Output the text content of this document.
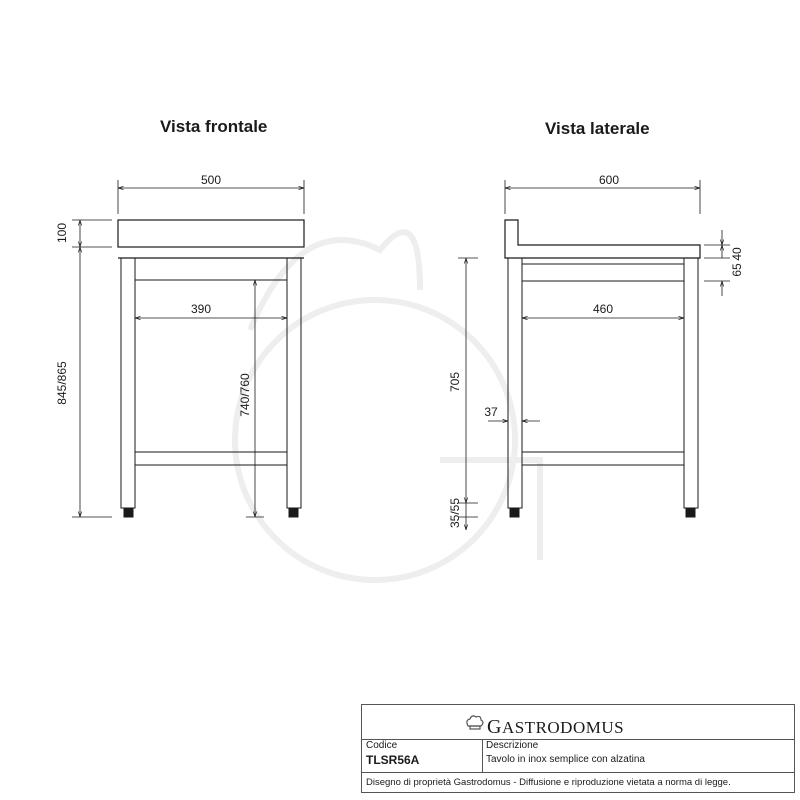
500
100
845/865
390
740/760
600
460
705
37
35/55
40
65
Vista frontale	Vista laterale
GASTRODOMUS
Codice
TLSR56A
Descrizione
Tavolo in inox semplice con alzatina
Disegno di proprietà Gastrodomus - Diffusione e riproduzione vietata a norma di legge.
